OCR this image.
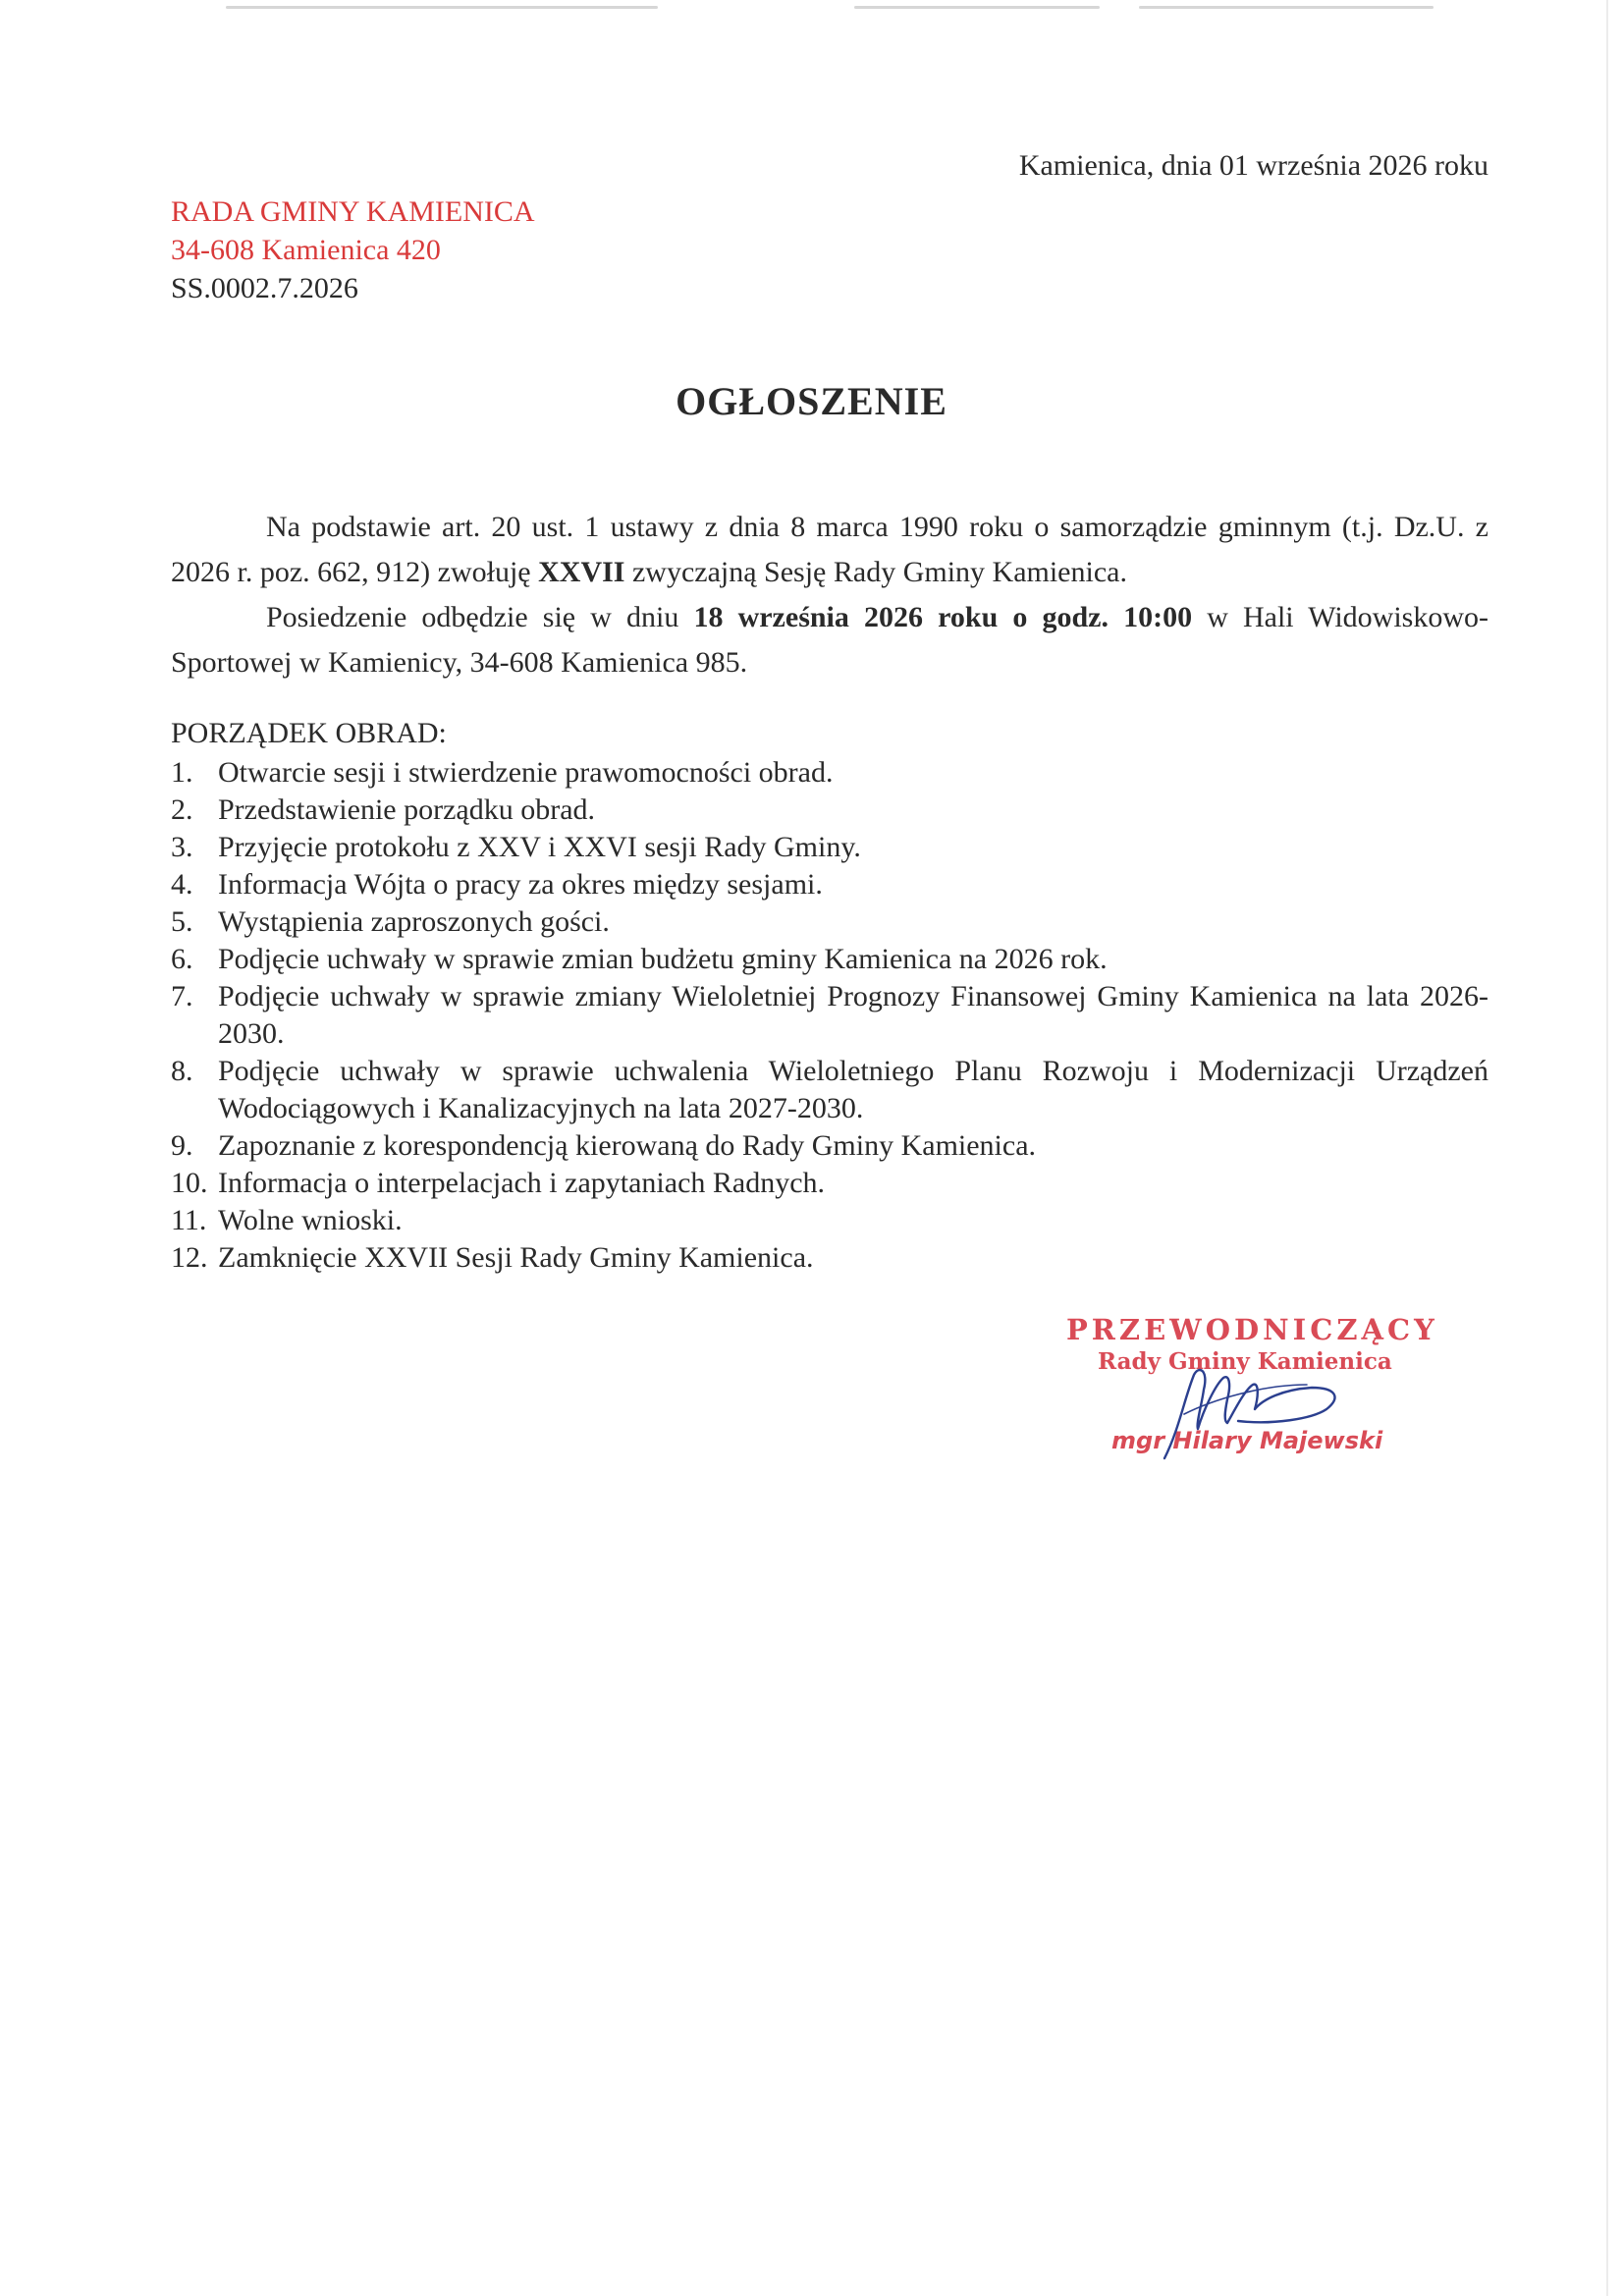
Kamienica, dnia 01 września 2026 roku
RADA GMINY KAMIENICA
34-608 Kamienica 420
SS.0002.7.2026
OGŁOSZENIE

Na podstawie art. 20 ust. 1 ustawy z dnia 8 marca 1990 roku o samorządzie gminnym (t.j. Dz.U. z 2026 r. poz. 662, 912) zwołuję XXVII zwyczajną Sesję Rady Gminy Kamienica.

Posiedzenie odbędzie się w dniu 18 września 2026 roku o godz. 10:00 w Hali Widowiskowo-Sportowej w Kamienicy, 34-608 Kamienica 985.

PORZĄDEK OBRAD:
1. Otwarcie sesji i stwierdzenie prawomocności obrad.
2. Przedstawienie porządku obrad.
3. Przyjęcie protokołu z XXV i XXVI sesji Rady Gminy.
4. Informacja Wójta o pracy za okres między sesjami.
5. Wystąpienia zaproszonych gości.
6. Podjęcie uchwały w sprawie zmian budżetu gminy Kamienica na 2026 rok.
7. Podjęcie uchwały w sprawie zmiany Wieloletniej Prognozy Finansowej Gminy Kamienica na lata 2026-2030.
8. Podjęcie uchwały w sprawie uchwalenia Wieloletniego Planu Rozwoju i Modernizacji Urządzeń Wodociągowych i Kanalizacyjnych na lata 2027-2030.
9. Zapoznanie z korespondencją kierowaną do Rady Gminy Kamienica.
10. Informacja o interpelacjach i zapytaniach Radnych.
11. Wolne wnioski.
12. Zamknięcie XXVII Sesji Rady Gminy Kamienica.
PRZEWODNICZĄCY
Rady Gminy Kamienica
mgr Hilary Majewski
